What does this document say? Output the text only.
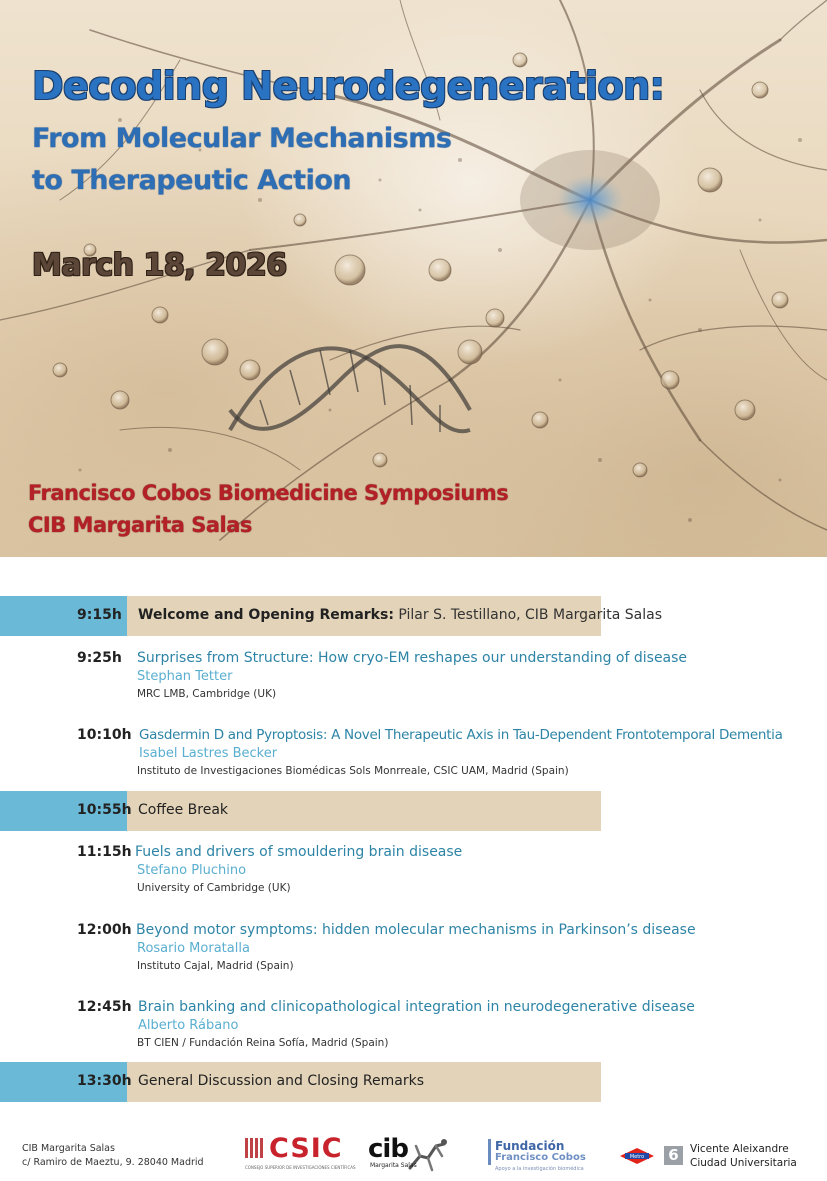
Decoding Neurodegeneration:
From Molecular Mechanisms
to Therapeutic Action
March 18, 2026
Francisco Cobos Biomedicine Symposiums
CIB Margarita Salas
9:15h Welcome and Opening Remarks: Pilar S. Testillano, CIB Margarita Salas
9:25h Surprises from Structure: How cryo-EM reshapes our understanding of disease
Stephan Tetter
MRC LMB, Cambridge (UK)
10:10h Gasdermin D and Pyroptosis: A Novel Therapeutic Axis in Tau-Dependent Frontotemporal Dementia
Isabel Lastres Becker
Instituto de Investigaciones Biomédicas Sols Monrreale, CSIC UAM, Madrid (Spain)
10:55h Coffee Break
11:15h Fuels and drivers of smouldering brain disease
Stefano Pluchino
University of Cambridge (UK)
12:00h Beyond motor symptoms: hidden molecular mechanisms in Parkinson’s disease
Rosario Moratalla
Instituto Cajal, Madrid (Spain)
12:45h Brain banking and clinicopathological integration in neurodegenerative disease
Alberto Rábano
BT CIEN / Fundación Reina Sofía, Madrid (Spain)
13:30h General Discussion and Closing Remarks
CIB Margarita Salas
c/ Ramiro de Maeztu, 9. 28040 Madrid CSIC
CONSEJO SUPERIOR DE INVESTIGACIONES CIENTÍFICAS
cib
Margarita Salas
Fundación
Francisco Cobos
Apoyo a la investigación biomédica
Metro 6	Vicente Aleixandre
Ciudad Universitaria
